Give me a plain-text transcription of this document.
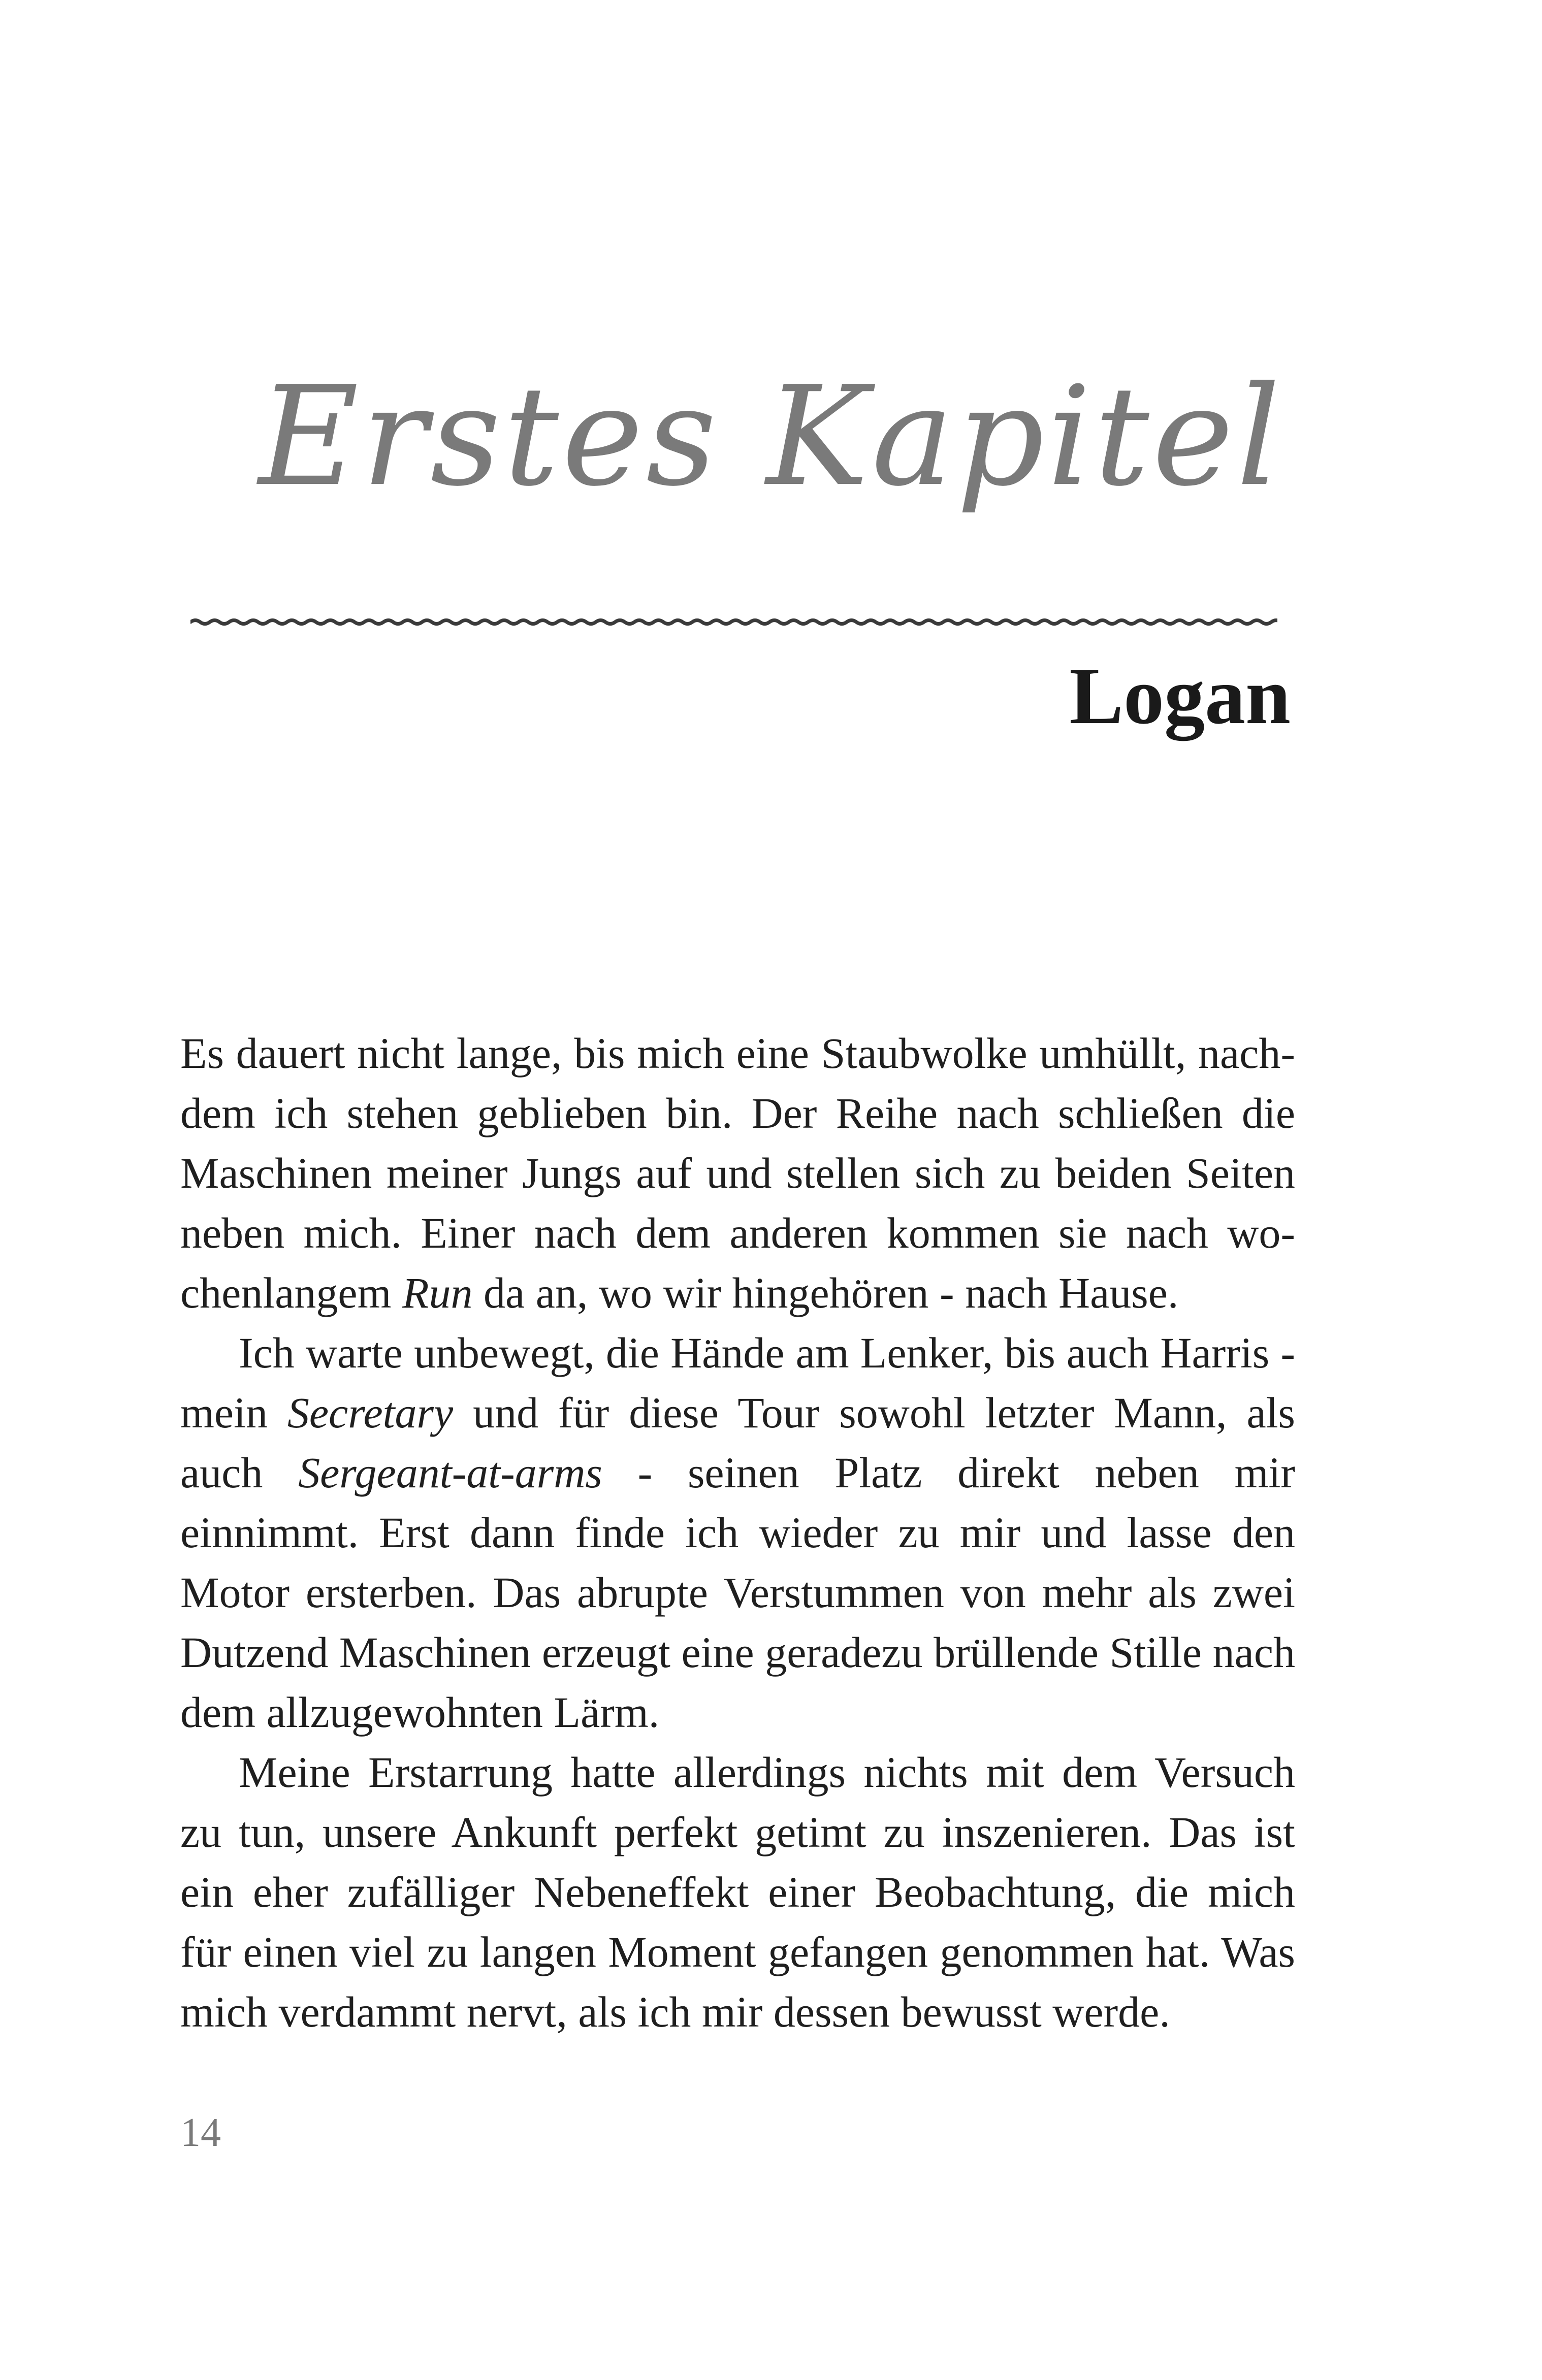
Erstes Kapitel
Logan

Es dauert nicht lange, bis mich eine Staubwolke umhüllt, nachdem ich stehen geblieben bin. Der Reihe nach schließen die Maschinen meiner Jungs auf und stellen sich zu beiden Seiten neben mich. Einer nach dem anderen kommen sie nach wochenlangem Run da an, wo wir hingehören - nach Hause.

Ich warte unbewegt, die Hände am Lenker, bis auch Harris - mein Secretary und für diese Tour sowohl letzter Mann, als auch Sergeant-at-arms - seinen Platz direkt neben mir einnimmt. Erst dann finde ich wieder zu mir und lasse den Motor ersterben. Das abrupte Verstummen von mehr als zwei Dutzend Maschinen erzeugt eine geradezu brüllende Stille nach dem allzugewohnten Lärm.

Meine Erstarrung hatte allerdings nichts mit dem Versuch zu tun, unsere Ankunft perfekt getimt zu inszenieren. Das ist ein eher zufälliger Nebeneffekt einer Beobachtung, die mich für einen viel zu langen Moment gefangen genommen hat. Was mich verdammt nervt, als ich mir dessen bewusst werde.

14
